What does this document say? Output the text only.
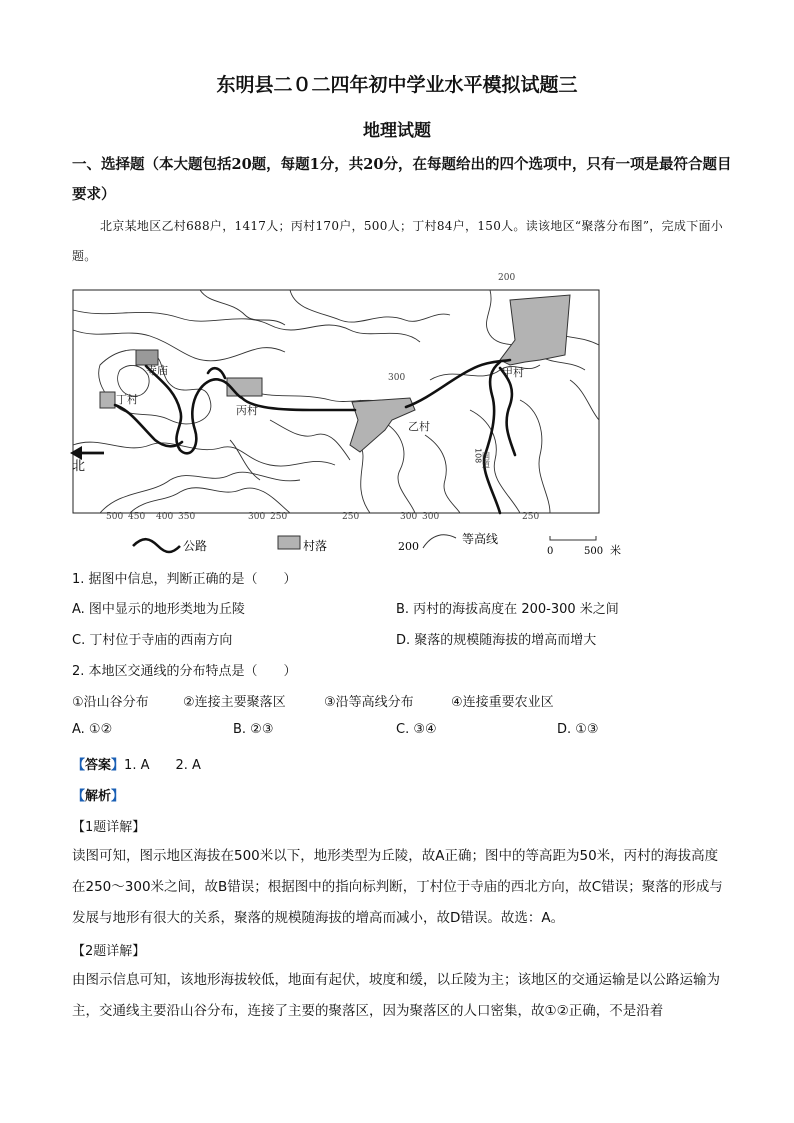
东明县二０二四年初中学业水平模拟试题三
地理试题
一、选择题（本大题包括20题，每题1分，共20分，在每题给出的四个选项中，只有一项是最符合题目要求）
北京某地区乙村688户，1417人；丙村170户，500人；丁村84户，150人。读该地区“聚落分布图”，完成下面小题。
北
甲村
乙村
丙村
丁村
寺庙
200
300
500 450 400 350	300 250	250	300 300	250
108 国道
公路	村落	200
等高线
0	500 米
1. 据图中信息，判断正确的是（　　）
A. 图中显示的地形类地为丘陵	B. 丙村的海拔高度在 200-300 米之间
C. 丁村位于寺庙的西南方向	D. 聚落的规模随海拔的增高而增大
2. 本地区交通线的分布特点是（　　）
①沿山谷分布	②连接主要聚落区	③沿等高线分布	④连接重要农业区
A. ①②	B. ②③	C. ③④	D. ①③
【答案】1. A　　2. A
【解析】
【1题详解】
读图可知，图示地区海拔在500米以下，地形类型为丘陵，故A正确；图中的等高距为50米，丙村的海拔高度在250～300米之间，故B错误；根据图中的指向标判断，丁村位于寺庙的西北方向，故C错误；聚落的形成与发展与地形有很大的关系，聚落的规模随海拔的增高而减小，故D错误。故选：A。
【2题详解】
由图示信息可知，该地形海拔较低，地面有起伏，坡度和缓，以丘陵为主；该地区的交通运输是以公路运输为主，交通线主要沿山谷分布，连接了主要的聚落区，因为聚落区的人口密集，故①②正确，不是沿着
